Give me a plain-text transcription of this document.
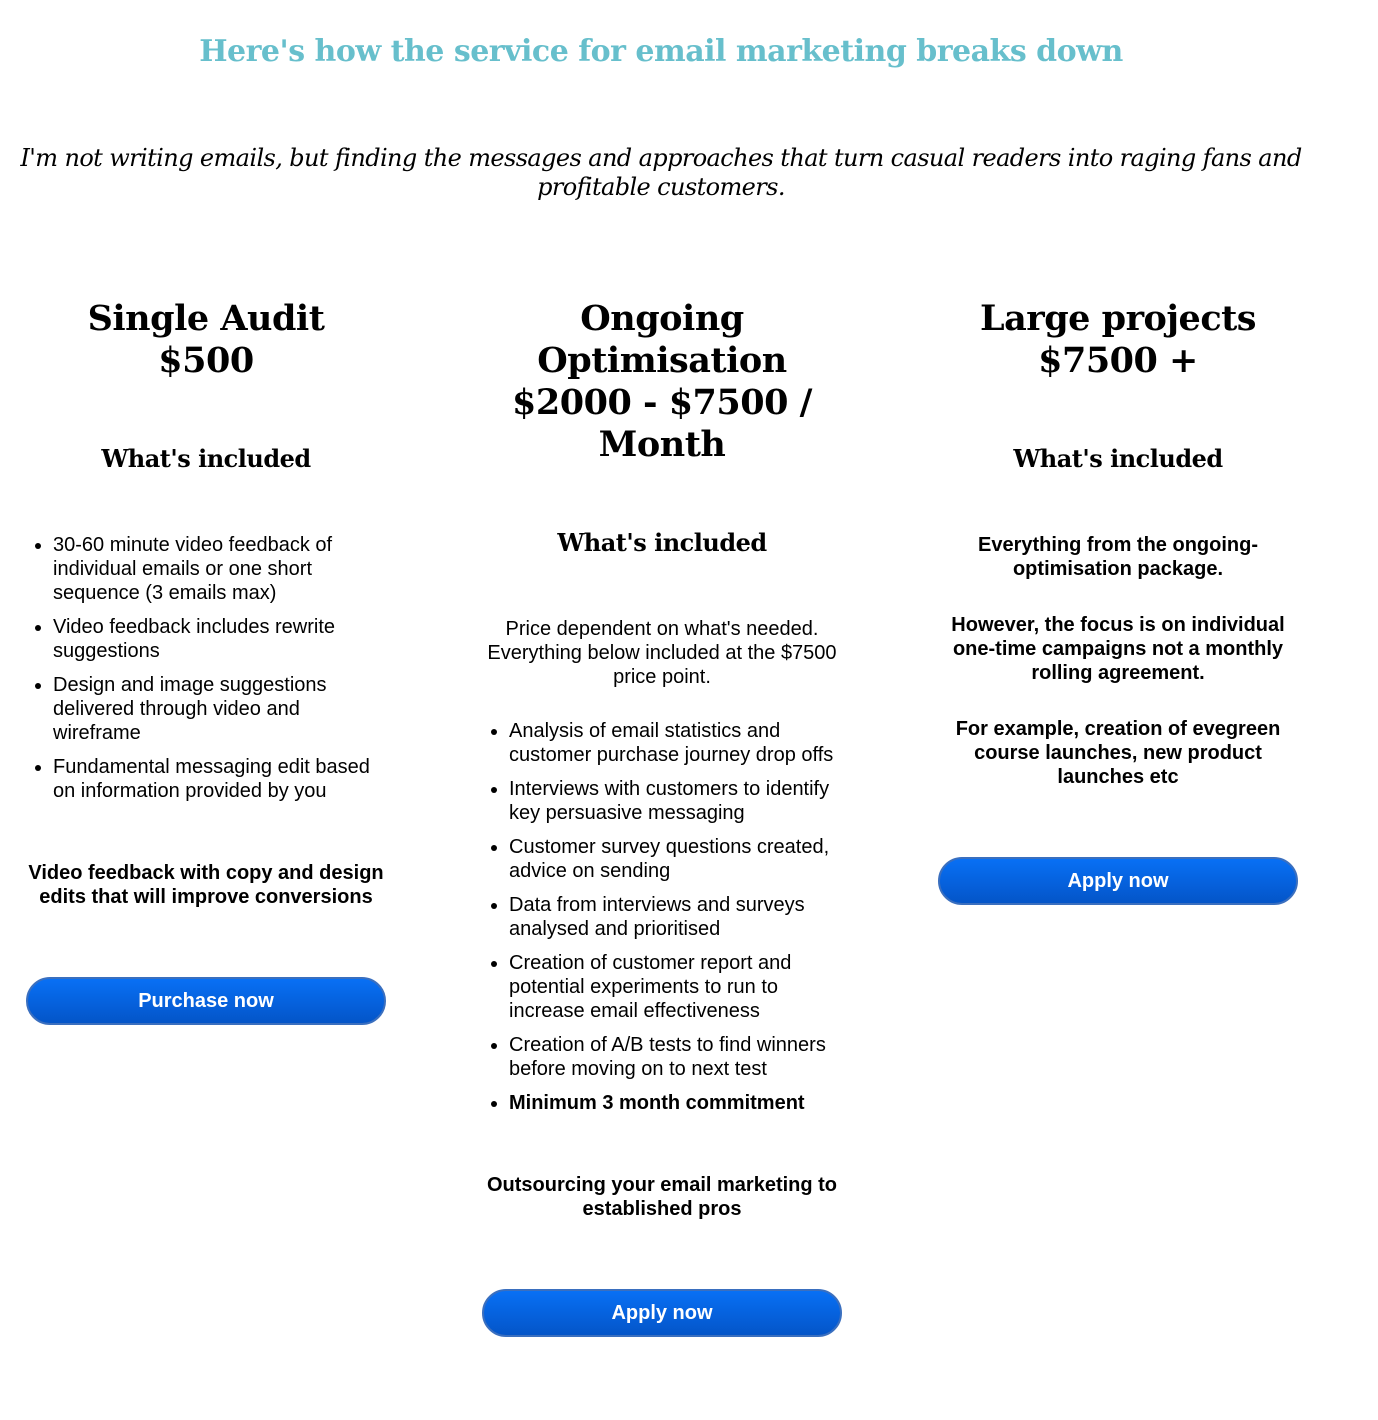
Here's how the service for email marketing breaks down
I'm not writing emails, but finding the messages and approaches that turn casual readers into raging fans and profitable customers.
Single Audit
$500
What's included
• 30-60 minute video feedback of individual emails or one short sequence (3 emails max)
• Video feedback includes rewrite suggestions
• Design and image suggestions delivered through video and wireframe
• Fundamental messaging edit based on information provided by you

Video feedback with copy and design edits that will improve conversions

Purchase now
Ongoing Optimisation
$2000 - $7500 / Month
What's included

Price dependent on what's needed. Everything below included at the $7500 price point.

• Analysis of email statistics and customer purchase journey drop offs
• Interviews with customers to identify key persuasive messaging
• Customer survey questions created, advice on sending
• Data from interviews and surveys analysed and prioritised
• Creation of customer report and potential experiments to run to increase email effectiveness
• Creation of A/B tests to find winners before moving on to next test
• Minimum 3 month commitment

Outsourcing your email marketing to established pros

Apply now
Large projects
$7500 +
What's included

Everything from the ongoing-optimisation package.

However, the focus is on individual one-time campaigns not a monthly rolling agreement.

For example, creation of evegreen course launches, new product launches etc

Apply now
